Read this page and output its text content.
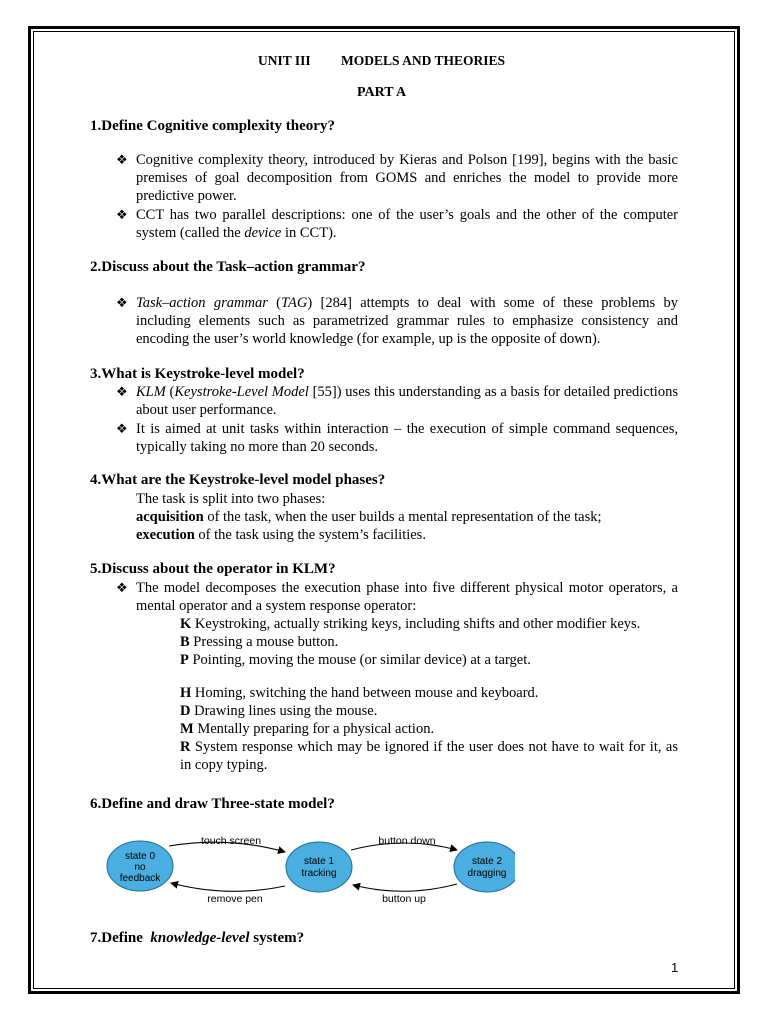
UNIT III MODELS AND THEORIES
PART A
1.Define Cognitive complexity theory?
❖ Cognitive complexity theory, introduced by Kieras and Polson [199], begins with the basic premises of goal decomposition from GOMS and enriches the model to provide more predictive power.
❖ CCT has two parallel descriptions: one of the user’s goals and the other of the computer system (called the device in CCT).
2.Discuss about the Task–action grammar?
❖ Task–action grammar (TAG) [284] attempts to deal with some of these problems by including elements such as parametrized grammar rules to emphasize consistency and encoding the user’s world knowledge (for example, up is the opposite of down).
3.What is Keystroke-level model?
❖ KLM (Keystroke-Level Model [55]) uses this understanding as a basis for detailed predictions about user performance.
❖ It is aimed at unit tasks within interaction – the execution of simple command sequences, typically taking no more than 20 seconds.
4.What are the Keystroke-level model phases?
The task is split into two phases:
acquisition of the task, when the user builds a mental representation of the task;
execution of the task using the system’s facilities.
5.Discuss about the operator in KLM?
❖ The model decomposes the execution phase into five different physical motor operators, a mental operator and a system response operator:
K Keystroking, actually striking keys, including shifts and other modifier keys.
B Pressing a mouse button.
P Pointing, moving the mouse (or similar device) at a target.
H Homing, switching the hand between mouse and keyboard.
D Drawing lines using the mouse.
M Mentally preparing for a physical action.
R System response which may be ignored if the user does not have to wait for it, as in copy typing.
6.Define and draw Three-state model?
touch screen
remove pen
button down
button up
state 0
no
feedback
state 1
tracking
state 2
dragging
7.Define  knowledge-level system?
1
